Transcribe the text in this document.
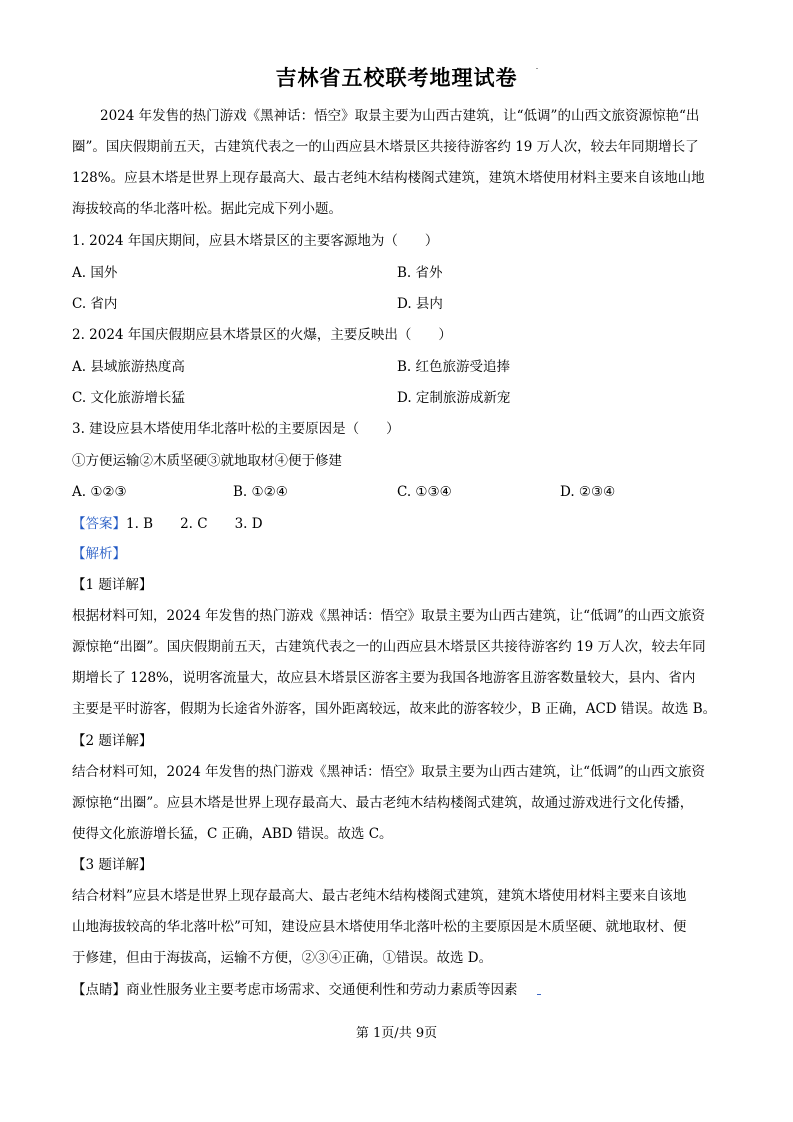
吉林省五校联考地理试卷
2024 年发售的热门游戏《黑神话：悟空》取景主要为山西古建筑，让“低调”的山西文旅资源惊艳“出
圈”。国庆假期前五天，古建筑代表之一的山西应县木塔景区共接待游客约 19 万人次，较去年同期增长了
128%。应县木塔是世界上现存最高大、最古老纯木结构楼阁式建筑，建筑木塔使用材料主要来自该地山地
海拔较高的华北落叶松。据此完成下列小题。
1. 2024 年国庆期间，应县木塔景区的主要客源地为（　　）
A. 国外	B. 省外
C. 省内	D. 县内
2. 2024 年国庆假期应县木塔景区的火爆，主要反映出（　　）
A. 县域旅游热度高	B. 红色旅游受追捧
C. 文化旅游增长猛	D. 定制旅游成新宠
3. 建设应县木塔使用华北落叶松的主要原因是（　　）
①方便运输②木质坚硬③就地取材④便于修建
A. ①②③	B. ①②④	C. ①③④	D. ②③④
【答案】1. B　　2. C　　3. D
【解析】
【1 题详解】
根据材料可知，2024 年发售的热门游戏《黑神话：悟空》取景主要为山西古建筑，让“低调”的山西文旅资
源惊艳“出圈”。国庆假期前五天，古建筑代表之一的山西应县木塔景区共接待游客约 19 万人次，较去年同
期增长了 128%，说明客流量大，故应县木塔景区游客主要为我国各地游客且游客数量较大，县内、省内
主要是平时游客，假期为长途省外游客，国外距离较远，故来此的游客较少，B 正确，ACD 错误。故选 B。
【2 题详解】
结合材料可知，2024 年发售的热门游戏《黑神话：悟空》取景主要为山西古建筑，让“低调”的山西文旅资
源惊艳“出圈”。应县木塔是世界上现存最高大、最古老纯木结构楼阁式建筑，故通过游戏进行文化传播，
使得文化旅游增长猛，C 正确，ABD 错误。故选 C。
【3 题详解】
结合材料”应县木塔是世界上现存最高大、最古老纯木结构楼阁式建筑，建筑木塔使用材料主要来自该地
山地海拔较高的华北落叶松”可知，建设应县木塔使用华北落叶松的主要原因是木质坚硬、就地取材、便
于修建，但由于海拔高，运输不方便，②③④正确，①错误。故选 D。
【点睛】商业性服务业主要考虑市场需求、交通便利性和劳动力素质等因素
第 1页/共 9页
